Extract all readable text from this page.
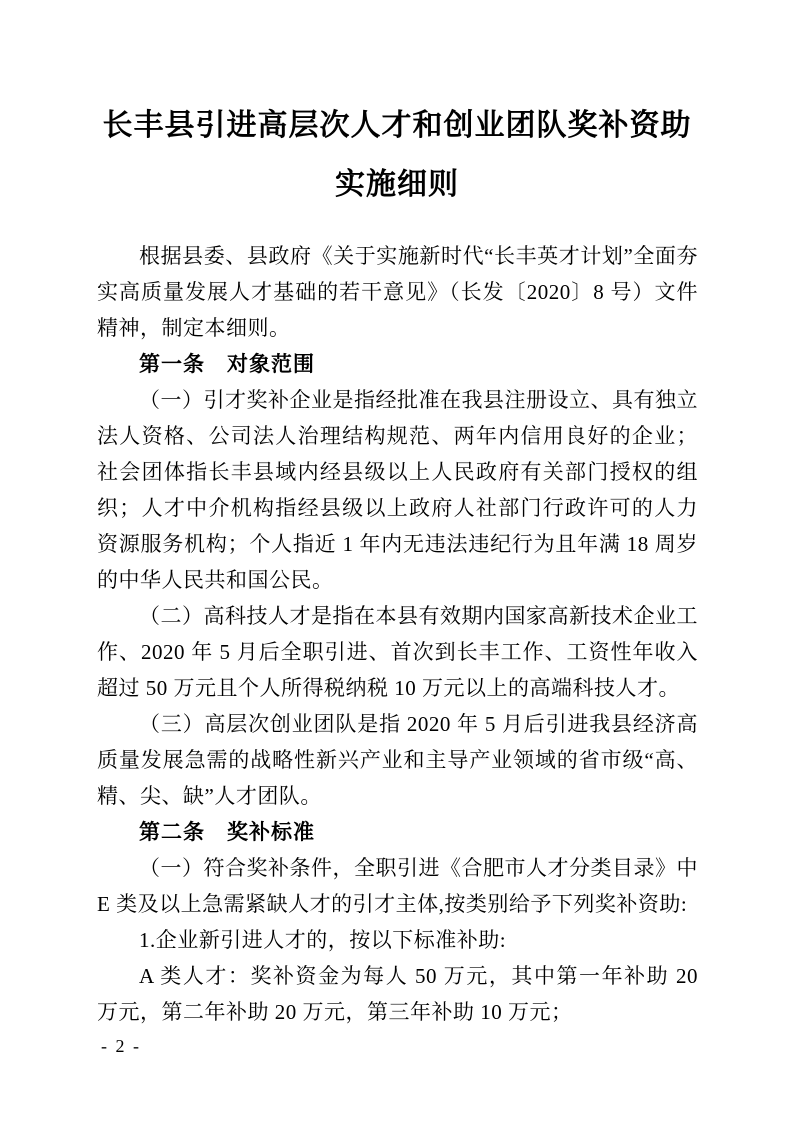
长丰县引进高层次人才和创业团队奖补资助
实施细则

根据县委、县政府《关于实施新时代“长丰英才计划”全面夯实高质量发展人才基础的若干意见》（长发〔2020〕8 号）文件精神，制定本细则。

第一条　对象范围

（一）引才奖补企业是指经批准在我县注册设立、具有独立法人资格、公司法人治理结构规范、两年内信用良好的企业；社会团体指长丰县域内经县级以上人民政府有关部门授权的组织；人才中介机构指经县级以上政府人社部门行政许可的人力资源服务机构；个人指近 1 年内无违法违纪行为且年满 18 周岁的中华人民共和国公民。

（二）高科技人才是指在本县有效期内国家高新技术企业工作、2020 年 5 月后全职引进、首次到长丰工作、工资性年收入超过 50 万元且个人所得税纳税 10 万元以上的高端科技人才。

（三）高层次创业团队是指 2020 年 5 月后引进我县经济高质量发展急需的战略性新兴产业和主导产业领域的省市级“高、精、尖、缺”人才团队。

第二条　奖补标准

（一）符合奖补条件，全职引进《合肥市人才分类目录》中 E 类及以上急需紧缺人才的引才主体,按类别给予下列奖补资助:

1.企业新引进人才的，按以下标准补助:

A 类人才：奖补资金为每人 50 万元，其中第一年补助 20 万元，第二年补助 20 万元，第三年补助 10 万元；

- 2 -
